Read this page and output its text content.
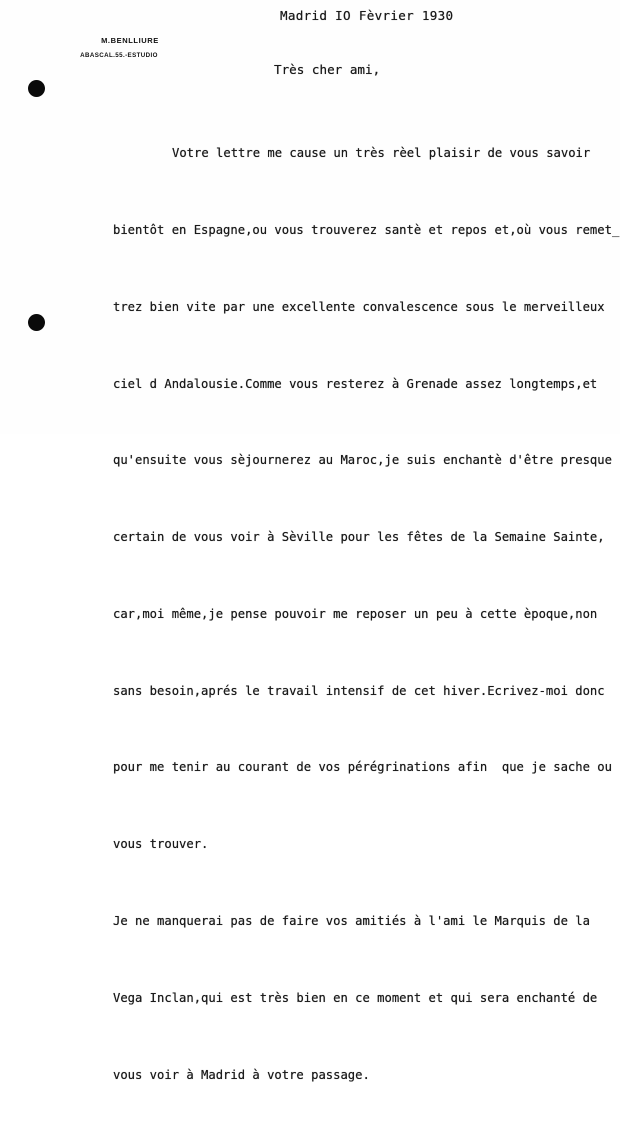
M.BENLLIURE
ABASCAL.55.-ESTUDIO
Madrid IO Fèvrier 1930
Très cher ami,

Votre lettre me cause un très rèel plaisir de vous savoir

bientôt en Espagne,ou vous trouverez santè et repos et,où vous remet_

trez bien vite par une excellente convalescence sous le merveilleux

ciel d Andalousie.Comme vous resterez à Grenade assez longtemps,et

qu'ensuite vous sèjournerez au Maroc,je suis enchantè d'être presque

certain de vous voir à Sèville pour les fêtes de la Semaine Sainte,

car,moi même,je pense pouvoir me reposer un peu à cette èpoque,non

sans besoin,aprés le travail intensif de cet hiver.Ecrivez-moi donc

pour me tenir au courant de vos pérégrinations afin  que je sache ou

vous trouver.

Je ne manquerai pas de faire vos amitiés à l'ami le Marquis de la

Vega Inclan,qui est très bien en ce moment et qui sera enchanté de

vous voir à Madrid à votre passage.
